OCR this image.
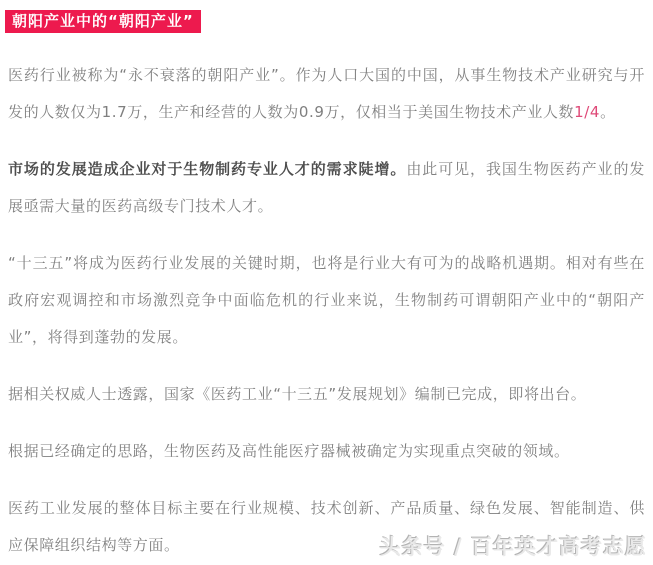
朝阳产业中的“朝阳产业”

医药行业被称为“永不衰落的朝阳产业”。作为人口大国的中国，从事生物技术产业研究与开发的人数仅为1.7万，生产和经营的人数为0.9万，仅相当于美国生物技术产业人数1/4。

市场的发展造成企业对于生物制药专业人才的需求陡增。由此可见，我国生物医药产业的发展亟需大量的医药高级专门技术人才。

“十三五”将成为医药行业发展的关键时期，也将是行业大有可为的战略机遇期。相对有些在政府宏观调控和市场激烈竞争中面临危机的行业来说，生物制药可谓朝阳产业中的“朝阳产业”，将得到蓬勃的发展。

据相关权威人士透露，国家《医药工业“十三五”发展规划》编制已完成，即将出台。

根据已经确定的思路，生物医药及高性能医疗器械被确定为实现重点突破的领域。

医药工业发展的整体目标主要在行业规模、技术创新、产品质量、绿色发展、智能制造、供应保障组织结构等方面。	头条号 / 百年英才高考志愿
